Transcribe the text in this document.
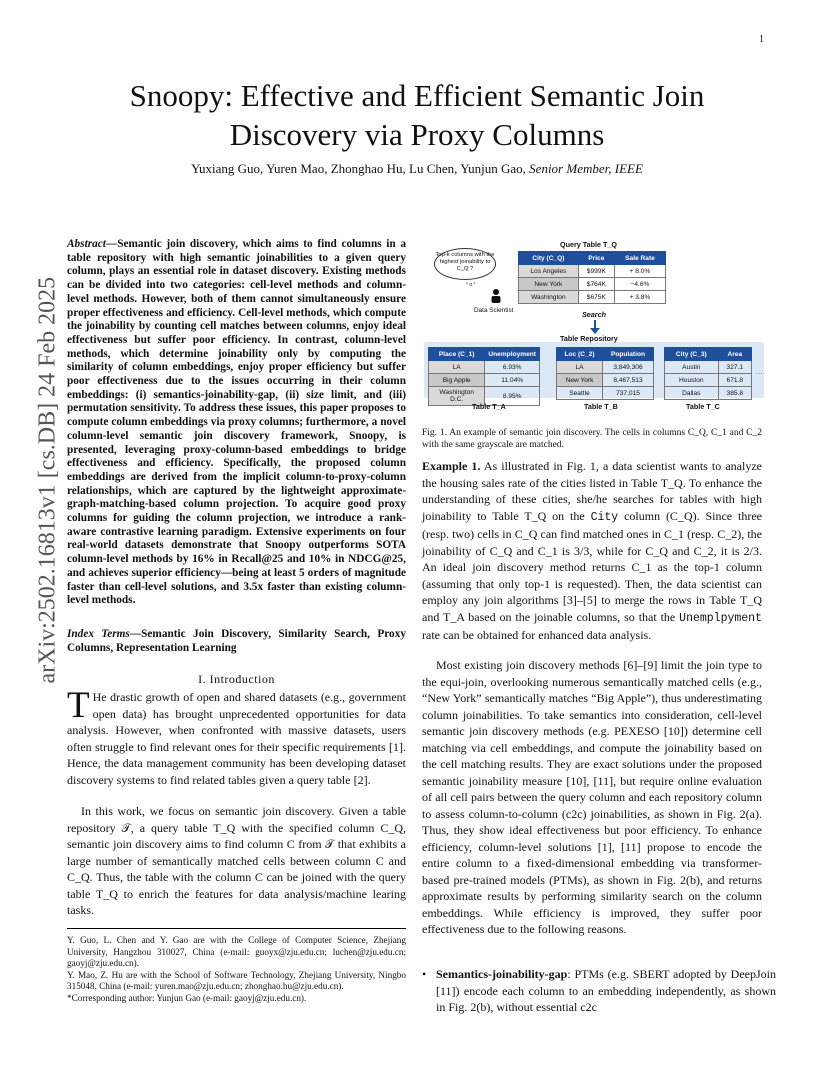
1
arXiv:2502.16813v1 [cs.DB] 24 Feb 2025
Snoopy: Effective and Efficient Semantic Join Discovery via Proxy Columns
Yuxiang Guo, Yuren Mao, Zhonghao Hu, Lu Chen, Yunjun Gao, Senior Member, IEEE
Abstract—Semantic join discovery, which aims to find columns in a table repository with high semantic joinabilities to a given query column, plays an essential role in dataset discovery. Existing methods can be divided into two categories: cell-level methods and column-level methods. However, both of them cannot simultaneously ensure proper effectiveness and efficiency. Cell-level methods, which compute the joinability by counting cell matches between columns, enjoy ideal effectiveness but suffer poor efficiency. In contrast, column-level methods, which determine joinability only by computing the similarity of column embeddings, enjoy proper efficiency but suffer poor effectiveness due to the issues occurring in their column embeddings: (i) semantics-joinability-gap, (ii) size limit, and (iii) permutation sensitivity. To address these issues, this paper proposes to compute column embeddings via proxy columns; furthermore, a novel column-level semantic join discovery framework, Snoopy, is presented, leveraging proxy-column-based embeddings to bridge effectiveness and efficiency. Specifically, the proposed column embeddings are derived from the implicit column-to-proxy-column relationships, which are captured by the lightweight approximate-graph-matching-based column projection. To acquire good proxy columns for guiding the column projection, we introduce a rank-aware contrastive learning paradigm. Extensive experiments on four real-world datasets demonstrate that Snoopy outperforms SOTA column-level methods by 16% in Recall@25 and 10% in NDCG@25, and achieves superior efficiency—being at least 5 orders of magnitude faster than cell-level solutions, and 3.5x faster than existing column-level methods.
Index Terms—Semantic Join Discovery, Similarity Search, Proxy Columns, Representation Learning
I. Introduction
T He drastic growth of open and shared datasets (e.g., government open data) has brought unprecedented opportunities for data analysis. However, when confronted with massive datasets, users often struggle to find relevant ones for their specific requirements [1]. Hence, the data management community has been developing dataset discovery systems to find related tables given a query table [2].
In this work, we focus on semantic join discovery. Given a table repository 𝒯, a query table T_Q with the specified column C_Q, semantic join discovery aims to find column C from 𝒯 that exhibits a large number of semantically matched cells between column C and C_Q. Thus, the table with the column C can be joined with the query table T_Q to enrich the features for data analysis/machine learing tasks.
Y. Guo, L. Chen and Y. Gao are with the College of Computer Science, Zhejiang University, Hangzhou 310027, China (e-mail: guoyx@zju.edu.cn; luchen@zju.edu.cn; gaoyj@zju.edu.cn).
Y. Mao, Z. Hu are with the School of Software Technology, Zhejiang University, Ningbo 315048, China (e-mail: yuren.mao@zju.edu.cn; zhonghao.hu@zju.edu.cn).
*Corresponding author: Yunjun Gao (e-mail: gaoyj@zju.edu.cn).
Top-k columns with the highest joinability to C_Q ?
° o °
Data Scientist
Query Table T_Q
City (C_Q)	Price	Sale Rate
Los Angeles	$999K	+ 8.0%
New York	$764K	−4.6%
Washington	$675K	+ 3.8%
Search
Table Repository
Place (C_1)	Unemployment
LA	6.93%
Big Apple	11.04%
Washington D.C.	8.95%
Table T_A
Loc (C_2)	Population
LA	3,849,306
New York	8,467,513
Seattle	737,015
Table T_B
City (C_3)	Area
Austin	327.1
Houston	671.8
Dallas	385.8
Table T_C
···
Fig. 1. An example of semantic join discovery. The cells in columns C_Q, C_1 and C_2 with the same grayscale are matched.
Example 1. As illustrated in Fig. 1, a data scientist wants to analyze the housing sales rate of the cities listed in Table T_Q. To enhance the understanding of these cities, she/he searches for tables with high joinability to Table T_Q on the City column (C_Q). Since three (resp. two) cells in C_Q can find matched ones in C_1 (resp. C_2), the joinability of C_Q and C_1 is 3/3, while for C_Q and C_2, it is 2/3. An ideal join discovery method returns C_1 as the top-1 column (assuming that only top-1 is requested). Then, the data scientist can employ any join algorithms [3]–[5] to merge the rows in Table T_Q and T_A based on the joinable columns, so that the Unemplpyment rate can be obtained for enhanced data analysis.
Most existing join discovery methods [6]–[9] limit the join type to the equi-join, overlooking numerous semantically matched cells (e.g., “New York” semantically matches “Big Apple”), thus underestimating column joinabilities. To take semantics into consideration, cell-level semantic join discovery methods (e.g. PEXESO [10]) determine cell matching via cell embeddings, and compute the joinability based on the cell matching results. They are exact solutions under the proposed semantic joinability measure [10], [11], but require online evaluation of all cell pairs between the query column and each repository column to assess column-to-column (c2c) joinabilities, as shown in Fig. 2(a). Thus, they show ideal effectiveness but poor efficiency. To enhance efficiency, column-level solutions [1], [11] propose to encode the entire column to a fixed-dimensional embedding via transformer-based pre-trained models (PTMs), as shown in Fig. 2(b), and returns approximate results by performing similarity search on the column embeddings. While efficiency is improved, they suffer poor effectiveness due to the following reasons.
• Semantics-joinability-gap: PTMs (e.g. SBERT adopted by DeepJoin [11]) encode each column to an embedding independently, as shown in Fig. 2(b), without essential c2c
